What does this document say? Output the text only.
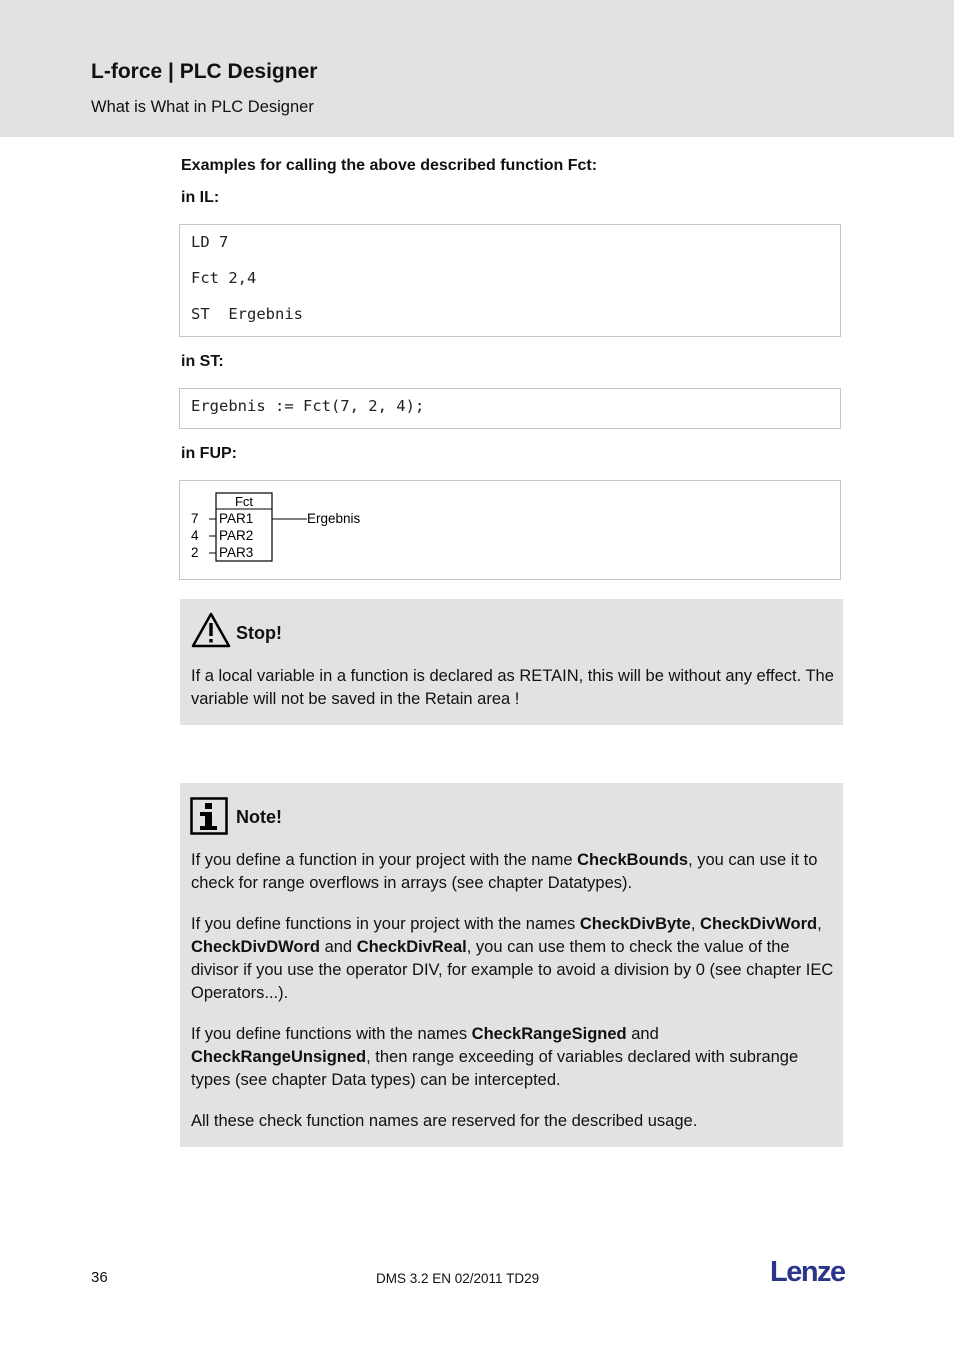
L-force | PLC Designer
What is What in PLC Designer
Examples for calling the above described function Fct:
in IL:
LD 7
Fct 2,4
ST  Ergebnis
in ST:
Ergebnis := Fct(7, 2, 4);
in FUP:
Fct
7 PAR1
4 PAR2
2 PAR3
Ergebnis
Stop!
If a local variable in a function is declared as RETAIN, this will be without any effect. The variable will not be saved in the Retain area !
Note!
If you define a function in your project with the name CheckBounds, you can use it to check for range overflows in arrays (see chapter Datatypes).
If you define functions in your project with the names CheckDivByte, CheckDivWord, CheckDivDWord and CheckDivReal, you can use them to check the value of the divisor if you use the operator DIV, for example to avoid a division by 0 (see chapter IEC Operators...).
If you define functions with the names CheckRangeSigned and CheckRangeUnsigned, then range exceeding of variables declared with subrange types (see chapter Data types) can be intercepted.
All these check function names are reserved for the described usage.
36	DMS 3.2 EN 02/2011 TD29	Lenze
